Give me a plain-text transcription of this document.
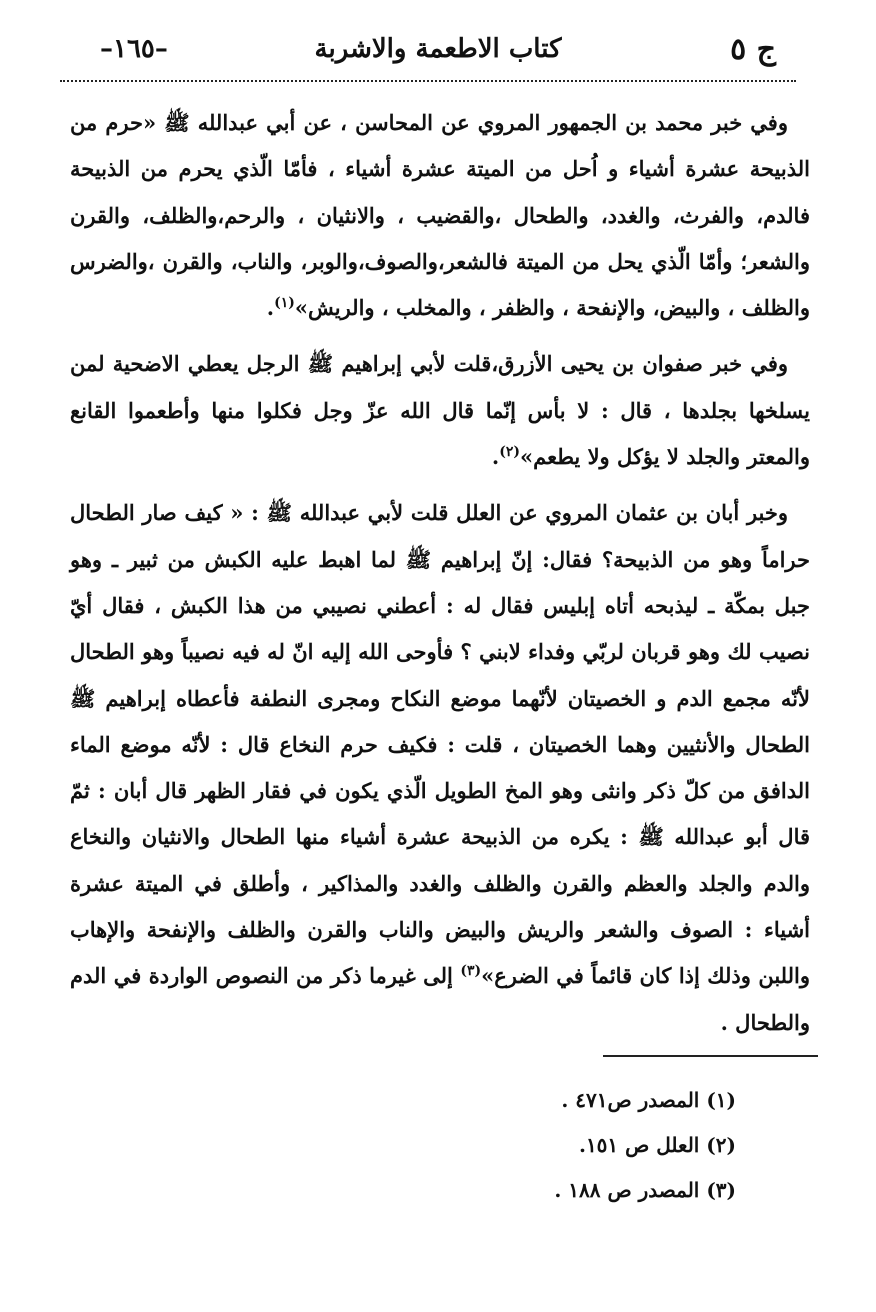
ج ٥
كتاب الاطعمة والاشربة
–١٦٥–

وفي خبر محمد بن الجمهور المروي عن المحاسن ، عن أبي عبدالله ﷺ «حرم من الذبيحة عشرة أشياء و اُحل من الميتة عشرة أشياء ، فأمّا الّذي يحرم من الذبيحة فالدم، والفرث، والغدد، والطحال ،والقضيب ، والانثيان ، والرحم،والظلف، والقرن والشعر؛ وأمّا الّذي يحل من الميتة فالشعر،والصوف،والوبر، والناب، والقرن ،والضرس والظلف ، والبيض، والإنفحة ، والظفر ، والمخلب ، والريش»$^{(١)}$.

وفي خبر صفوان بن يحيى الأزرق،قلت لأبي إبراهيم ﷺ الرجل يعطي الاضحية لمن يسلخها بجلدها ، قال : لا بأس إنّما قال الله عزّ وجل فكلوا منها وأطعموا القانع والمعتر والجلد لا يؤكل ولا يطعم»$^{(٢)}$.

وخبر أبان بن عثمان المروي عن العلل قلت لأبي عبدالله ﷺ : « كيف صار الطحال حراماً وهو من الذبيحة؟ فقال: إنّ إبراهيم ﷺ لما اهبط عليه الكبش من ثبير ـ وهو جبل بمكّة ـ ليذبحه أتاه إبليس فقال له : أعطني نصيبي من هذا الكبش ، فقال أيّ نصيب لك وهو قربان لربّي وفداء لابني ؟ فأوحى الله إليه انّ له فيه نصيباً وهو الطحال لأنّه مجمع الدم و الخصيتان لأنّهما موضع النكاح ومجرى النطفة فأعطاه إبراهيم ﷺ الطحال والأنثيين وهما الخصيتان ، قلت : فكيف حرم النخاع قال : لأنّه موضع الماء الدافق من كلّ ذكر وانثى وهو المخ الطويل الّذي يكون في فقار الظهر قال أبان : ثمّ قال أبو عبدالله ﷺ : يكره من الذبيحة عشرة أشياء منها الطحال والانثيان والنخاع والدم والجلد والعظم والقرن والظلف والغدد والمذاكير ، وأطلق في الميتة عشرة أشياء : الصوف والشعر والريش والبيض والناب والقرن والظلف والإنفحة والإهاب واللبن وذلك إذا كان قائماً في الضرع»$^{(٣)}$ إلى غيرما ذكر من النصوص الواردة في الدم والطحال .

(١) المصدر ص٤٧١ .
(٢) العلل ص ١٥١.
(٣) المصدر ص ١٨٨ .
